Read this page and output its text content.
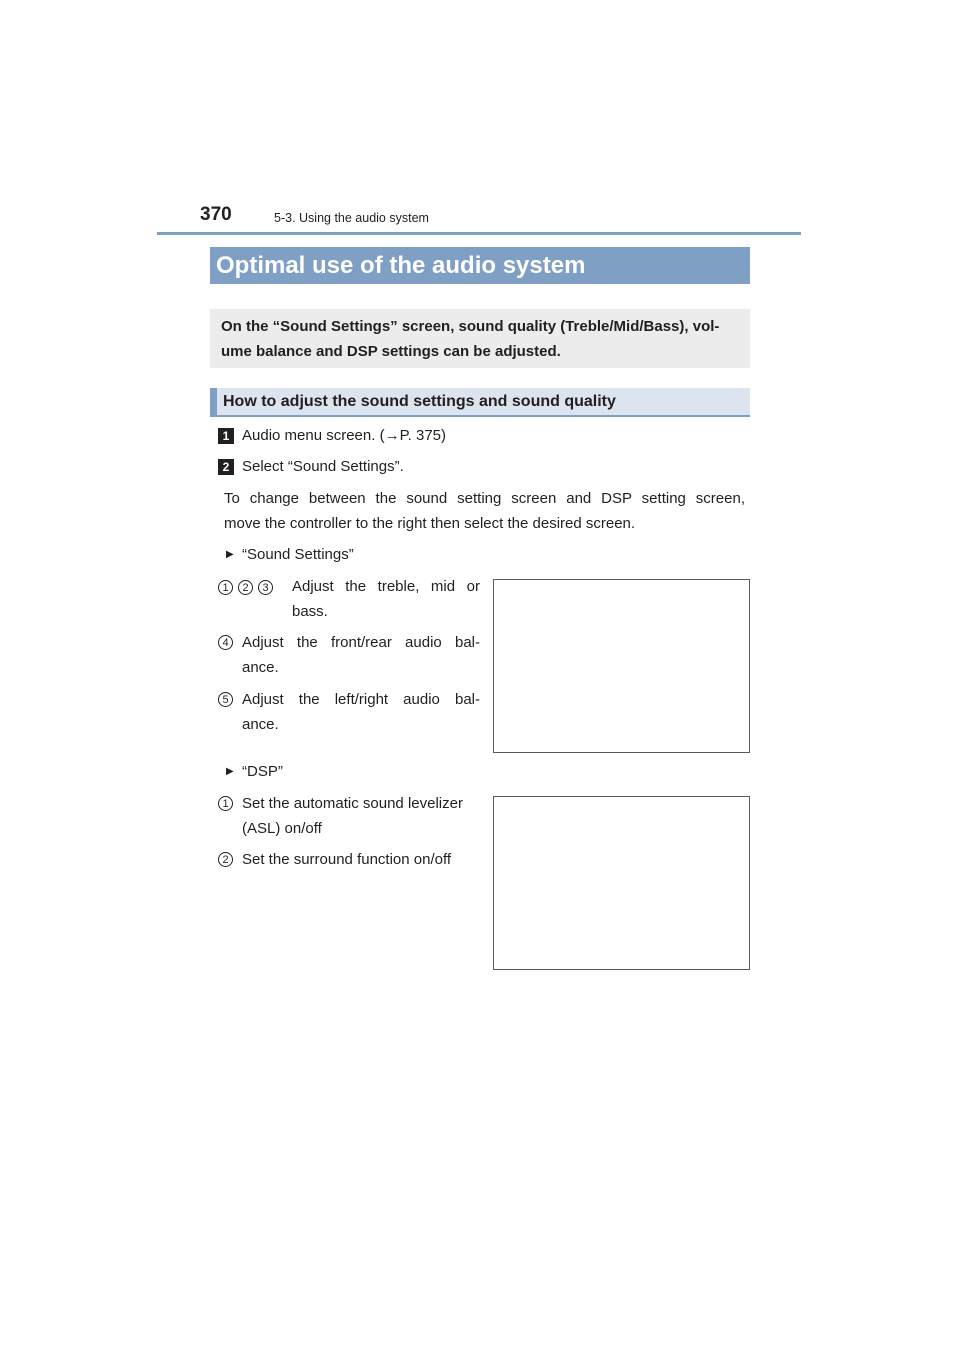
370	5-3. Using the audio system
Optimal use of the audio system
On the “Sound Settings” screen, sound quality (Treble/Mid/Bass), vol-
ume balance and DSP settings can be adjusted.
How to adjust the sound settings and sound quality
1 Audio menu screen. (→P. 375)
2 Select “Sound Settings”.
To change between the sound setting screen and DSP setting screen,
move the controller to the right then select the desired screen.
▶ “Sound Settings”
1 2 3 Adjust the treble, mid or
bass.
4 Adjust the front/rear audio bal-
ance.
5 Adjust the left/right audio bal-
ance.
▶ “DSP”
1 Set the automatic sound levelizer
(ASL) on/off
2 Set the surround function on/off
